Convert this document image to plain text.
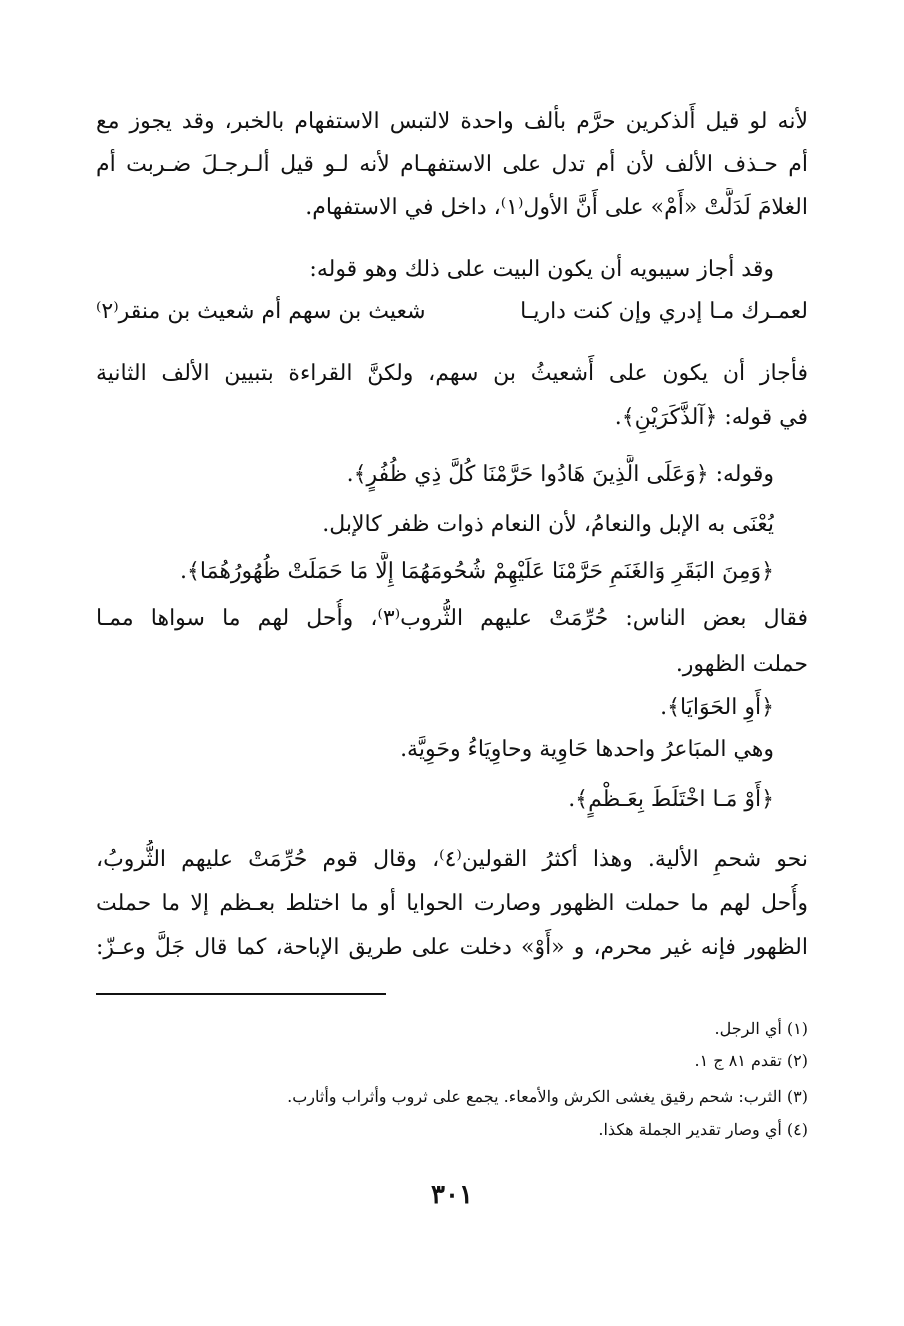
لأنه لو قيل أَلذكرين حرَّم بألف واحدة لالتبس الاستفهام بالخبر، وقد يجوز مع
أم حـذف الألف لأن أم تدل على الاستفهـام لأنه لـو قيل ألـرجـلَ ضـربت أم
الغلامَ لَدَلَّتْ «أَمْ» على أَنَّ الأول⁽١⁾، داخل في الاستفهام.
وقد أجاز سيبويه أن يكون البيت على ذلك وهو قوله:
لعمـرك مـا إدري وإن كنت داريـا
شعيث بن سهم أم شعيث بن منقر⁽٢⁾
فأجاز أن يكون على أَشعيثُ بن سهم، ولكنَّ القراءة بتبيين الألف الثانية
في قوله: ﴿آلذَّكَرَيْنِ﴾.
وقوله: ﴿وَعَلَى الَّذِينَ هَادُوا حَرَّمْنَا كُلَّ ذِي ظُفُرٍ﴾.
يُعْنَى به الإبل والنعامُ، لأن النعام ذوات ظفر كالإبل.
﴿وَمِنَ البَقَرِ وَالغَنَمِ حَرَّمْنَا عَلَيْهِمْ شُحُومَهُمَا إِلَّا مَا حَمَلَتْ ظُهُورُهُمَا﴾.
فقال بعض الناس: حُرِّمَتْ عليهم الثُّروب⁽٣⁾، وأُحل لهم ما سواها ممـا
حملت الظهور.
﴿أَوِ الحَوَايَا﴾.
وهي المبَاعرُ واحدها حَاوِية وحاوِيَاءُ وحَوِيَّة.
﴿أَوْ مَـا اخْتَلَطَ بِعَـظْمٍ﴾.
نحو شحمِ الألية. وهذا أكثرُ القولين⁽٤⁾، وقال قوم حُرِّمَتْ عليهم الثُّروبُ،
وأُحل لهم ما حملت الظهور وصارت الحوايا أو ما اختلط بعـظم إلا ما حملت
الظهور فإنه غير محرم، و «أَوْ» دخلت على طريق الإباحة، كما قال جَلَّ وعـزّ:
(١) أي الرجل.
(٢) تقدم ٨١ ج ١.
(٣) الثرب: شحم رقيق يغشى الكرش والأمعاء. يجمع على ثروب وأثراب وأثارب.
(٤) أي وصار تقدير الجملة هكذا.
٣٠١
